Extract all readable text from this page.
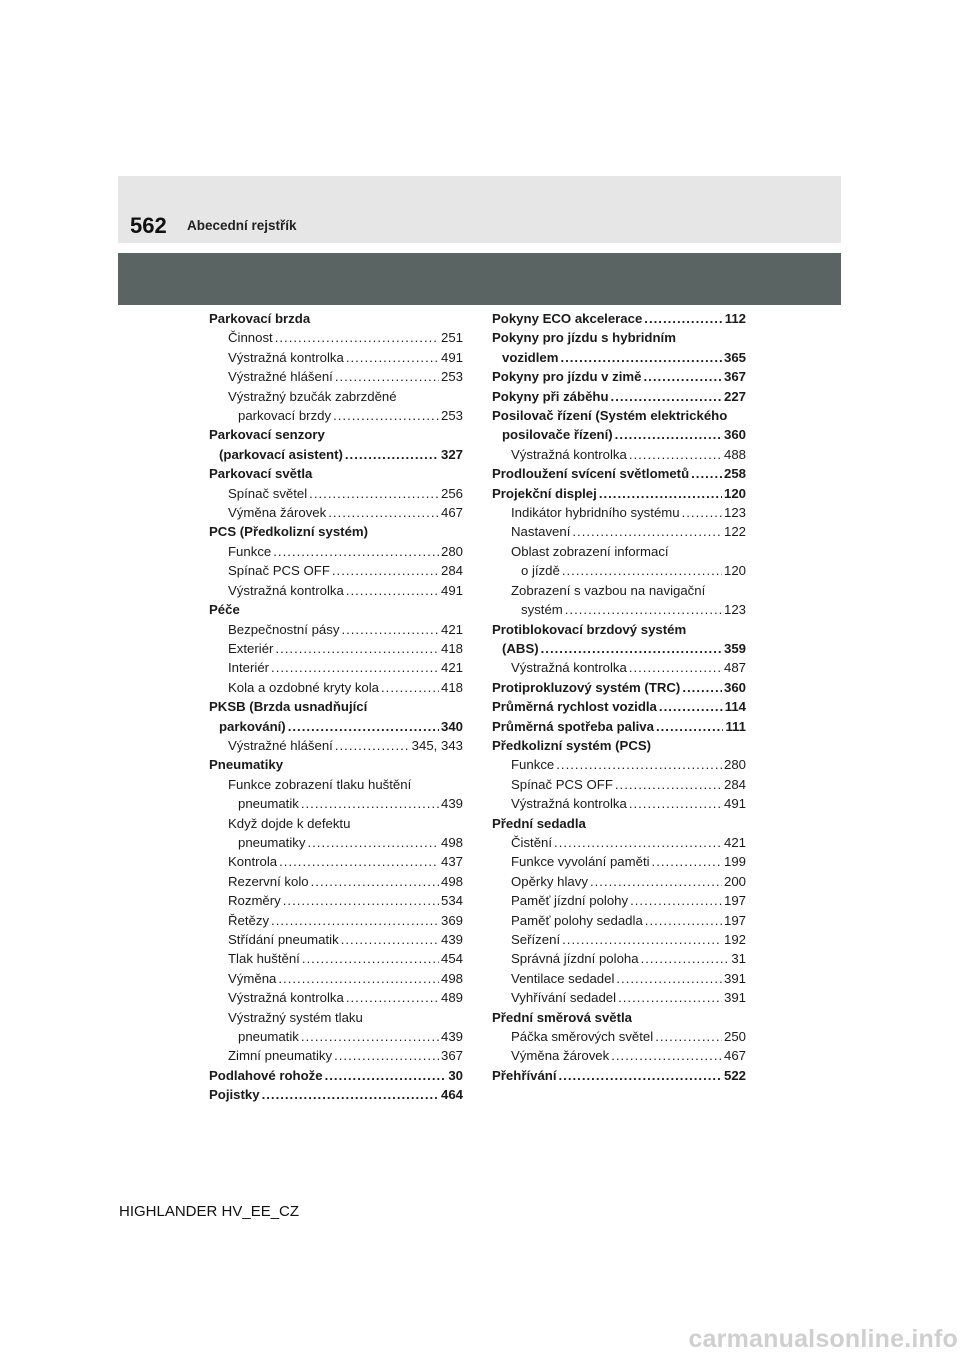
562 Abecední rejstřík
Parkovací brzda
Činnost .....	251
Výstražná kontrolka .....	491
Výstražné hlášení .....	253
Výstražný bzučák zabrzděné
parkovací brzdy .....	253
Parkovací senzory
(parkovací asistent) .....	327
Parkovací světla
Spínač světel .....	256
Výměna žárovek .....	467
PCS (Předkolizní systém)
Funkce .....	280
Spínač PCS OFF .....	284
Výstražná kontrolka .....	491
Péče
Bezpečnostní pásy .....	421
Exteriér .....	418
Interiér .....	421
Kola a ozdobné kryty kola .....	418
PKSB (Brzda usnadňující
parkování) .....	340
Výstražné hlášení .....	345, 343
Pneumatiky
Funkce zobrazení tlaku huštění
pneumatik .....	439
Když dojde k defektu
pneumatiky .....	498
Kontrola .....	437
Rezervní kolo .....	498
Rozměry .....	534
Řetězy .....	369
Střídání pneumatik .....	439
Tlak huštění .....	454
Výměna .....	498
Výstražná kontrolka .....	489
Výstražný systém tlaku
pneumatik .....	439
Zimní pneumatiky .....	367
Podlahové rohože .....	30
Pojistky .....	464
Pokyny ECO akcelerace .....	112
Pokyny pro jízdu s hybridním
vozidlem .....	365
Pokyny pro jízdu v zimě .....	367
Pokyny při záběhu .....	227
Posilovač řízení (Systém elektrického
posilovače řízení) .....	360
Výstražná kontrolka .....	488
Prodloužení svícení světlometů .....	258
Projekční displej .....	120
Indikátor hybridního systému .....	123
Nastavení .....	122
Oblast zobrazení informací
o jízdě .....	120
Zobrazení s vazbou na navigační
systém .....	123
Protiblokovací brzdový systém
(ABS) .....	359
Výstražná kontrolka .....	487
Protiprokluzový systém (TRC) .....	360
Průměrná rychlost vozidla .....	114
Průměrná spotřeba paliva .....	111
Předkolizní systém (PCS)
Funkce .....	280
Spínač PCS OFF .....	284
Výstražná kontrolka .....	491
Přední sedadla
Čistění .....	421
Funkce vyvolání paměti .....	199
Opěrky hlavy .....	200
Paměť jízdní polohy .....	197
Paměť polohy sedadla .....	197
Seřízení .....	192
Správná jízdní poloha .....	31
Ventilace sedadel .....	391
Vyhřívání sedadel .....	391
Přední směrová světla
Páčka směrových světel .....	250
Výměna žárovek .....	467
Přehřívání .....	522
HIGHLANDER HV_EE_CZ
carmanualsonline.info
